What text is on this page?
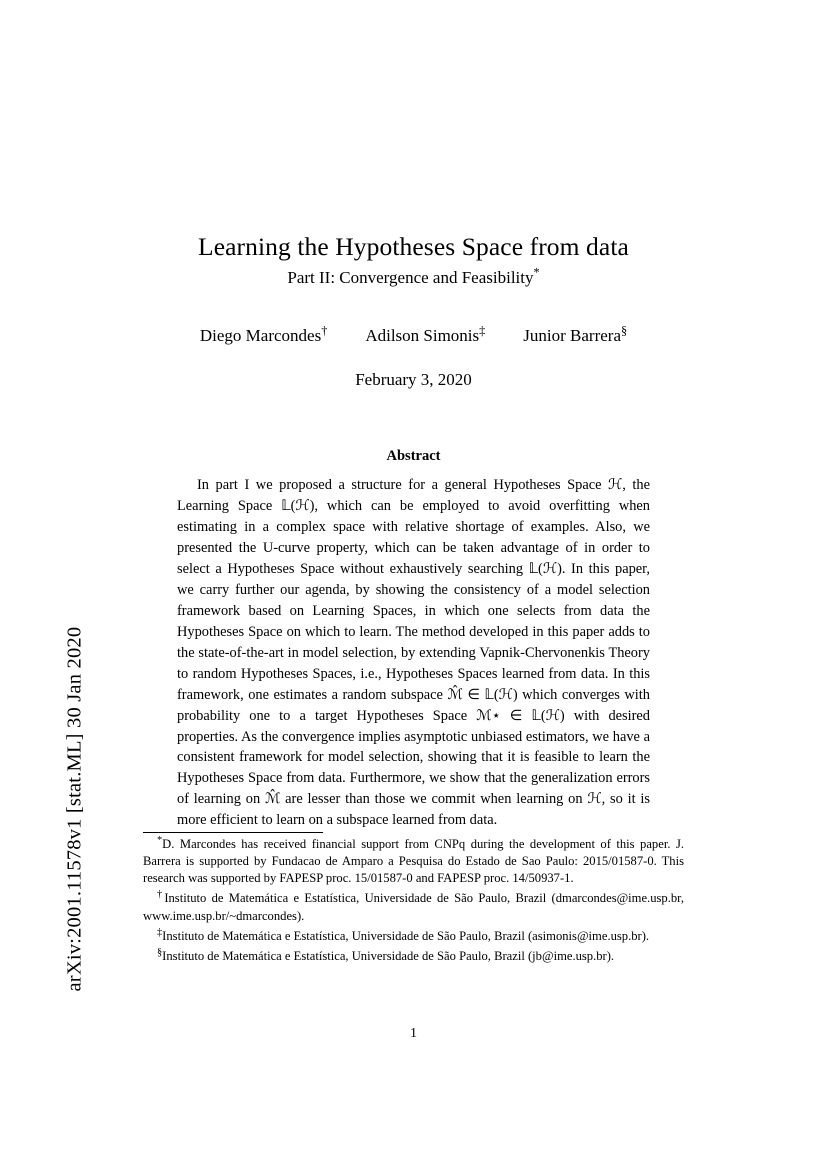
arXiv:2001.11578v1 [stat.ML] 30 Jan 2020
Learning the Hypotheses Space from data
Part II: Convergence and Feasibility*
Diego Marcondes† Adilson Simonis‡ Junior Barrera§
February 3, 2020
Abstract

In part I we proposed a structure for a general Hypotheses Space ℋ, the Learning Space 𝕃(ℋ), which can be employed to avoid overfitting when estimating in a complex space with relative shortage of examples. Also, we presented the U-curve property, which can be taken advantage of in order to select a Hypotheses Space without exhaustively searching 𝕃(ℋ). In this paper, we carry further our agenda, by showing the consistency of a model selection framework based on Learning Spaces, in which one selects from data the Hypotheses Space on which to learn. The method developed in this paper adds to the state-of-the-art in model selection, by extending Vapnik-Chervonenkis Theory to random Hypotheses Spaces, i.e., Hypotheses Spaces learned from data. In this framework, one estimates a random subspace ℳ̂ ∈ 𝕃(ℋ) which converges with probability one to a target Hypotheses Space ℳ⋆ ∈ 𝕃(ℋ) with desired properties. As the convergence implies asymptotic unbiased estimators, we have a consistent framework for model selection, showing that it is feasible to learn the Hypotheses Space from data. Furthermore, we show that the generalization errors of learning on ℳ̂ are lesser than those we commit when learning on ℋ, so it is more efficient to learn on a subspace learned from data.

*D. Marcondes has received financial support from CNPq during the development of this paper. J. Barrera is supported by Fundacao de Amparo a Pesquisa do Estado de Sao Paulo: 2015/01587-0. This research was supported by FAPESP proc. 15/01587-0 and FAPESP proc. 14/50937-1.

†Instituto de Matemática e Estatística, Universidade de São Paulo, Brazil (dmarcondes@ime.usp.br, www.ime.usp.br/~dmarcondes).

‡Instituto de Matemática e Estatística, Universidade de São Paulo, Brazil (asimonis@ime.usp.br).

§Instituto de Matemática e Estatística, Universidade de São Paulo, Brazil (jb@ime.usp.br).

1
